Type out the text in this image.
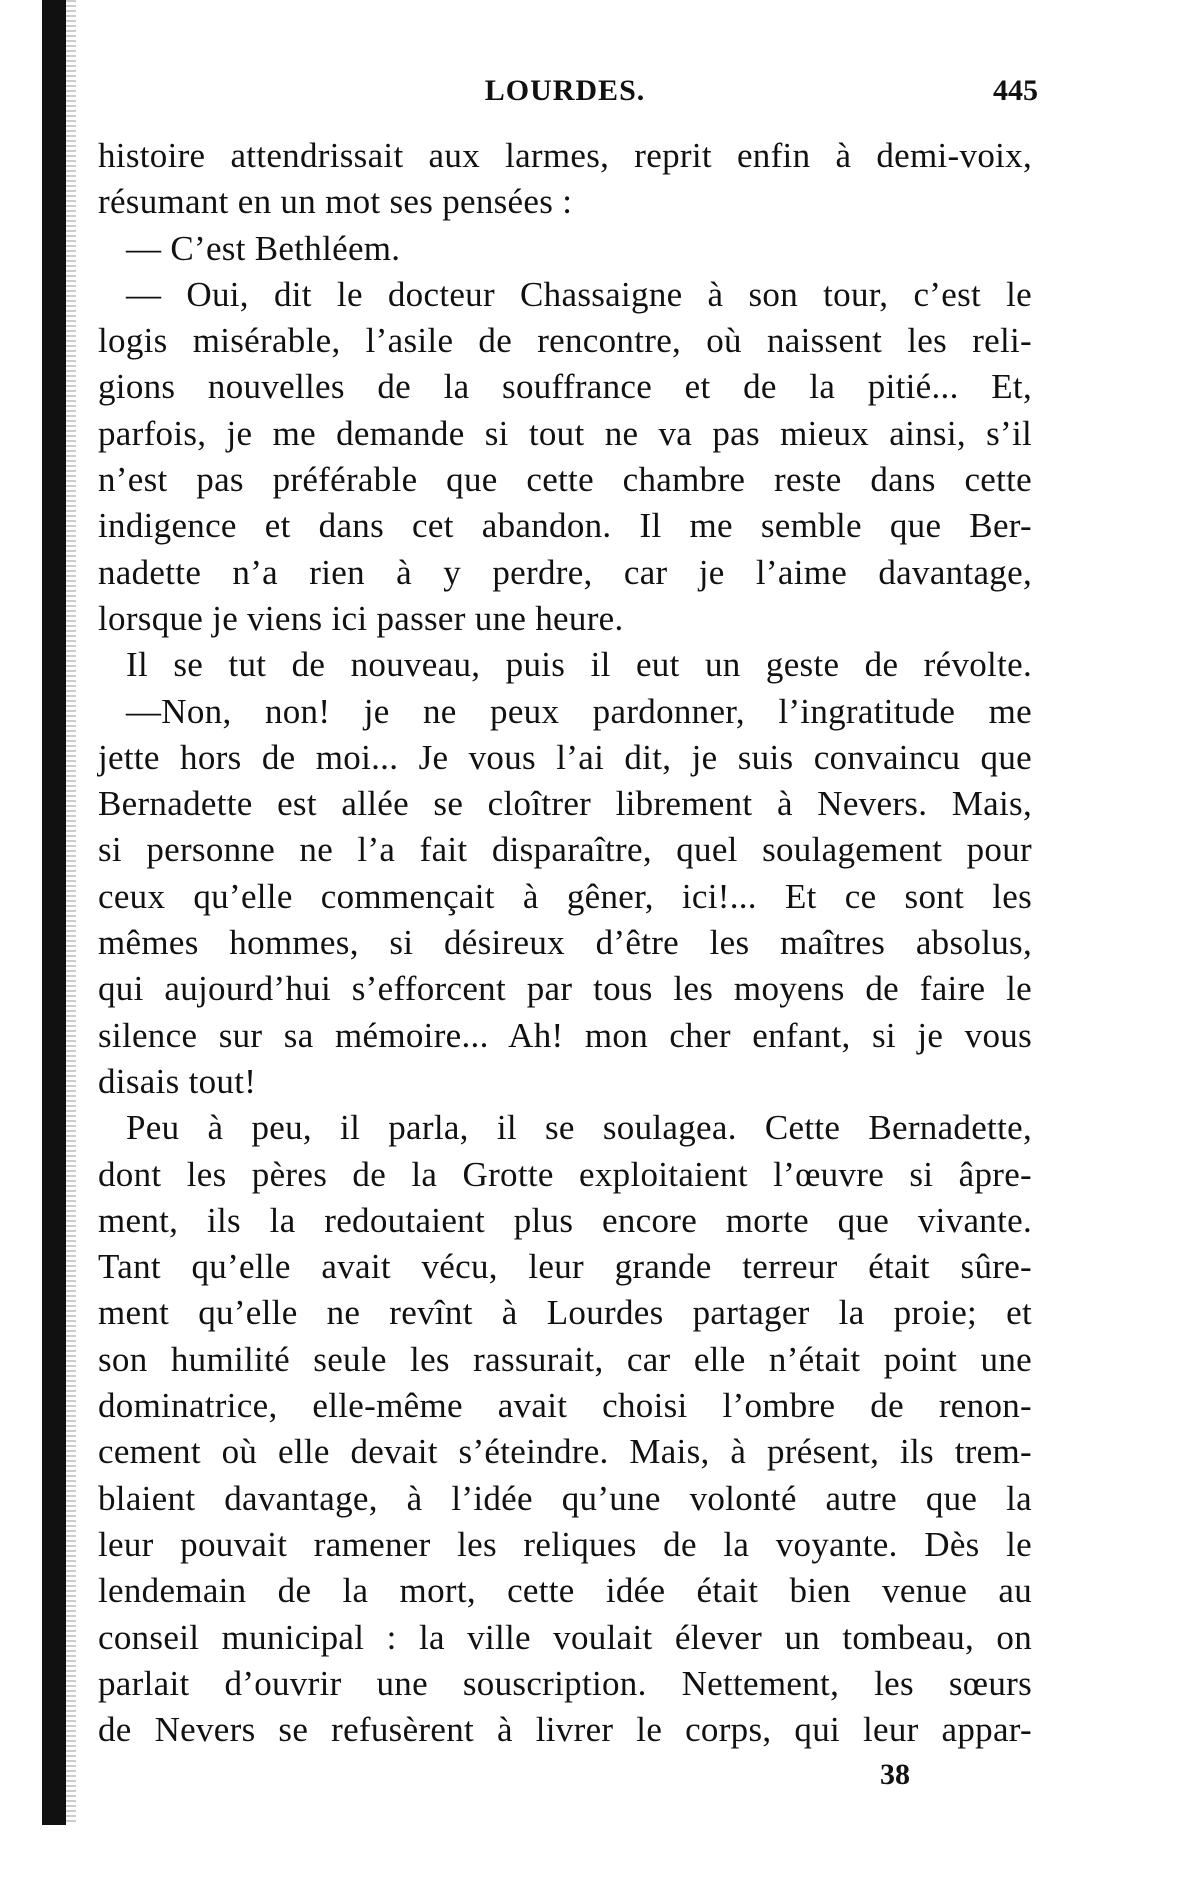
LOURDES.	445
histoire attendrissait aux larmes, reprit enfin à demi-voix,
résumant en un mot ses pensées :
— C’est Bethléem.
— Oui, dit le docteur Chassaigne à son tour, c’est le
logis misérable, l’asile de rencontre, où naissent les reli-
gions nouvelles de la souffrance et de la pitié... Et,
parfois, je me demande si tout ne va pas mieux ainsi, s’il
n’est pas préférable que cette chambre reste dans cette
indigence et dans cet abandon. Il me semble que Ber-
nadette n’a rien à y perdre, car je l’aime davantage,
lorsque je viens ici passer une heure.
Il se tut de nouveau, puis il eut un geste de révolte.
—Non, non! je ne peux pardonner, l’ingratitude me
jette hors de moi... Je vous l’ai dit, je suis convaincu que
Bernadette est allée se cloîtrer librement à Nevers. Mais,
si personne ne l’a fait disparaître, quel soulagement pour
ceux qu’elle commençait à gêner, ici!... Et ce sont les
mêmes hommes, si désireux d’être les maîtres absolus,
qui aujourd’hui s’efforcent par tous les moyens de faire le
silence sur sa mémoire... Ah! mon cher enfant, si je vous
disais tout!
Peu à peu, il parla, il se soulagea. Cette Bernadette,
dont les pères de la Grotte exploitaient l’œuvre si âpre-
ment, ils la redoutaient plus encore morte que vivante.
Tant qu’elle avait vécu, leur grande terreur était sûre-
ment qu’elle ne revînt à Lourdes partager la proie; et
son humilité seule les rassurait, car elle n’était point une
dominatrice, elle-même avait choisi l’ombre de renon-
cement où elle devait s’éteindre. Mais, à présent, ils trem-
blaient davantage, à l’idée qu’une volonté autre que la
leur pouvait ramener les reliques de la voyante. Dès le
lendemain de la mort, cette idée était bien venue au
conseil municipal : la ville voulait élever un tombeau, on
parlait d’ouvrir une souscription. Nettement, les sœurs
de Nevers se refusèrent à livrer le corps, qui leur appar-
38
